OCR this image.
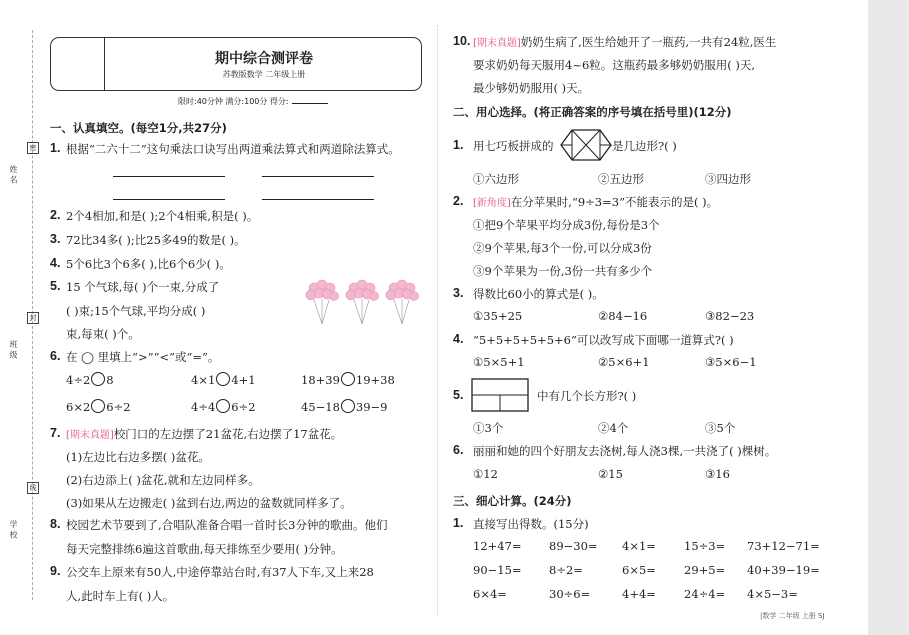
姓 名
班 级
学 校
密
封
线
期中综合测评卷
苏教版数学 二年级上册
限时:40分钟 满分:100分 得分:
一、认真填空。(每空1分,共27分)
1. 根据“二六十二”这句乘法口诀写出两道乘法算式和两道除法算式。
2. 2个4相加,和是( );2个4相乘,积是( )。
3. 72比34多( );比25多49的数是( )。
4. 5个6比3个6多( ),比6个6少( )。
5. 15 个气球,每( )个一束,分成了
( )束;15个气球,平均分成( )
束,每束( )个。
6. 在 ◯ 里填上“>”“<”或“=”。
4÷2 8	4×1 4+1	18+39 19+38
6×2 6÷2	4÷4 6÷2	45−18 39−9
7. [期末真题]校门口的左边摆了21盆花,右边摆了17盆花。
(1)左边比右边多摆( )盆花。
(2)右边添上( )盆花,就和左边同样多。
(3)如果从左边搬走( )盆到右边,两边的盆数就同样多了。
8. 校园艺术节要到了,合唱队准备合唱一首时长3分钟的歌曲。他们
每天完整排练6遍这首歌曲,每天排练至少要用( )分钟。
9. 公交车上原来有50人,中途停靠站台时,有37人下车,又上来28
人,此时车上有( )人。
10. [期末真题]奶奶生病了,医生给她开了一瓶药,一共有24粒,医生
要求奶奶每天服用4~6粒。这瓶药最多够奶奶服用( )天,
最少够奶奶服用( )天。
二、用心选择。(将正确答案的序号填在括号里)(12分)
1. 用七巧板拼成的	是几边形?( )
①六边形	②五边形	③四边形
2. [新角度]在分苹果时,“9÷3=3”不能表示的是( )。
①把9个苹果平均分成3份,每份是3个
②9个苹果,每3个一份,可以分成3份
③9个苹果为一份,3份一共有多少个
3. 得数比60小的算式是( )。
①35+25	②84−16	③82−23
4. “5+5+5+5+5+6”可以改写成下面哪一道算式?( )
①5×5+1	②5×6+1	③5×6−1
5.	中有几个长方形?( )
①3个	②4个	③5个
6. 丽丽和她的四个好朋友去浇树,每人浇3棵,一共浇了( )棵树。
①12	②15	③16
三、细心计算。(24分)
1. 直接写出得数。(15分)
12+47= 89−30= 4×1= 15÷3= 73+12−71=
90−15= 8÷2=	6×5= 29+5= 40+39−19=
6×4=	30÷6=	4+4= 24÷4= 4×5−3=
|数学 二年级 上册 SJ
